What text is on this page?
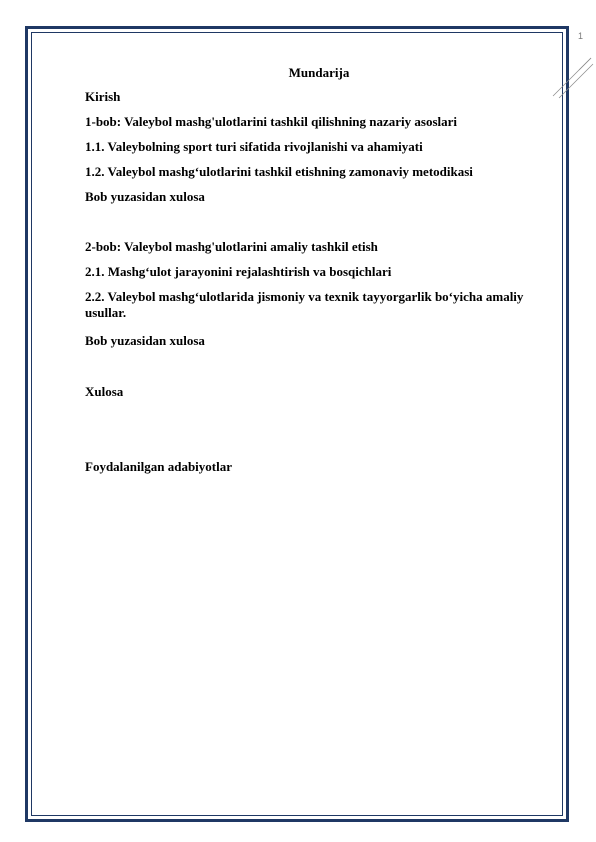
1
Mundarija
Kirish
1-bob: Valeybol mashg'ulotlarini tashkil qilishning nazariy asoslari
1.1. Valeybolning sport turi sifatida rivojlanishi va ahamiyati
1.2. Valeybol mashg‘ulotlarini tashkil etishning zamonaviy metodikasi
Bob yuzasidan xulosa
2-bob: Valeybol mashg'ulotlarini amaliy tashkil etish
2.1. Mashg‘ulot jarayonini rejalashtirish va bosqichlari
2.2. Valeybol mashg‘ulotlarida jismoniy va texnik tayyorgarlik bo‘yicha amaliy usullar.
Bob yuzasidan xulosa
Xulosa
Foydalanilgan adabiyotlar
